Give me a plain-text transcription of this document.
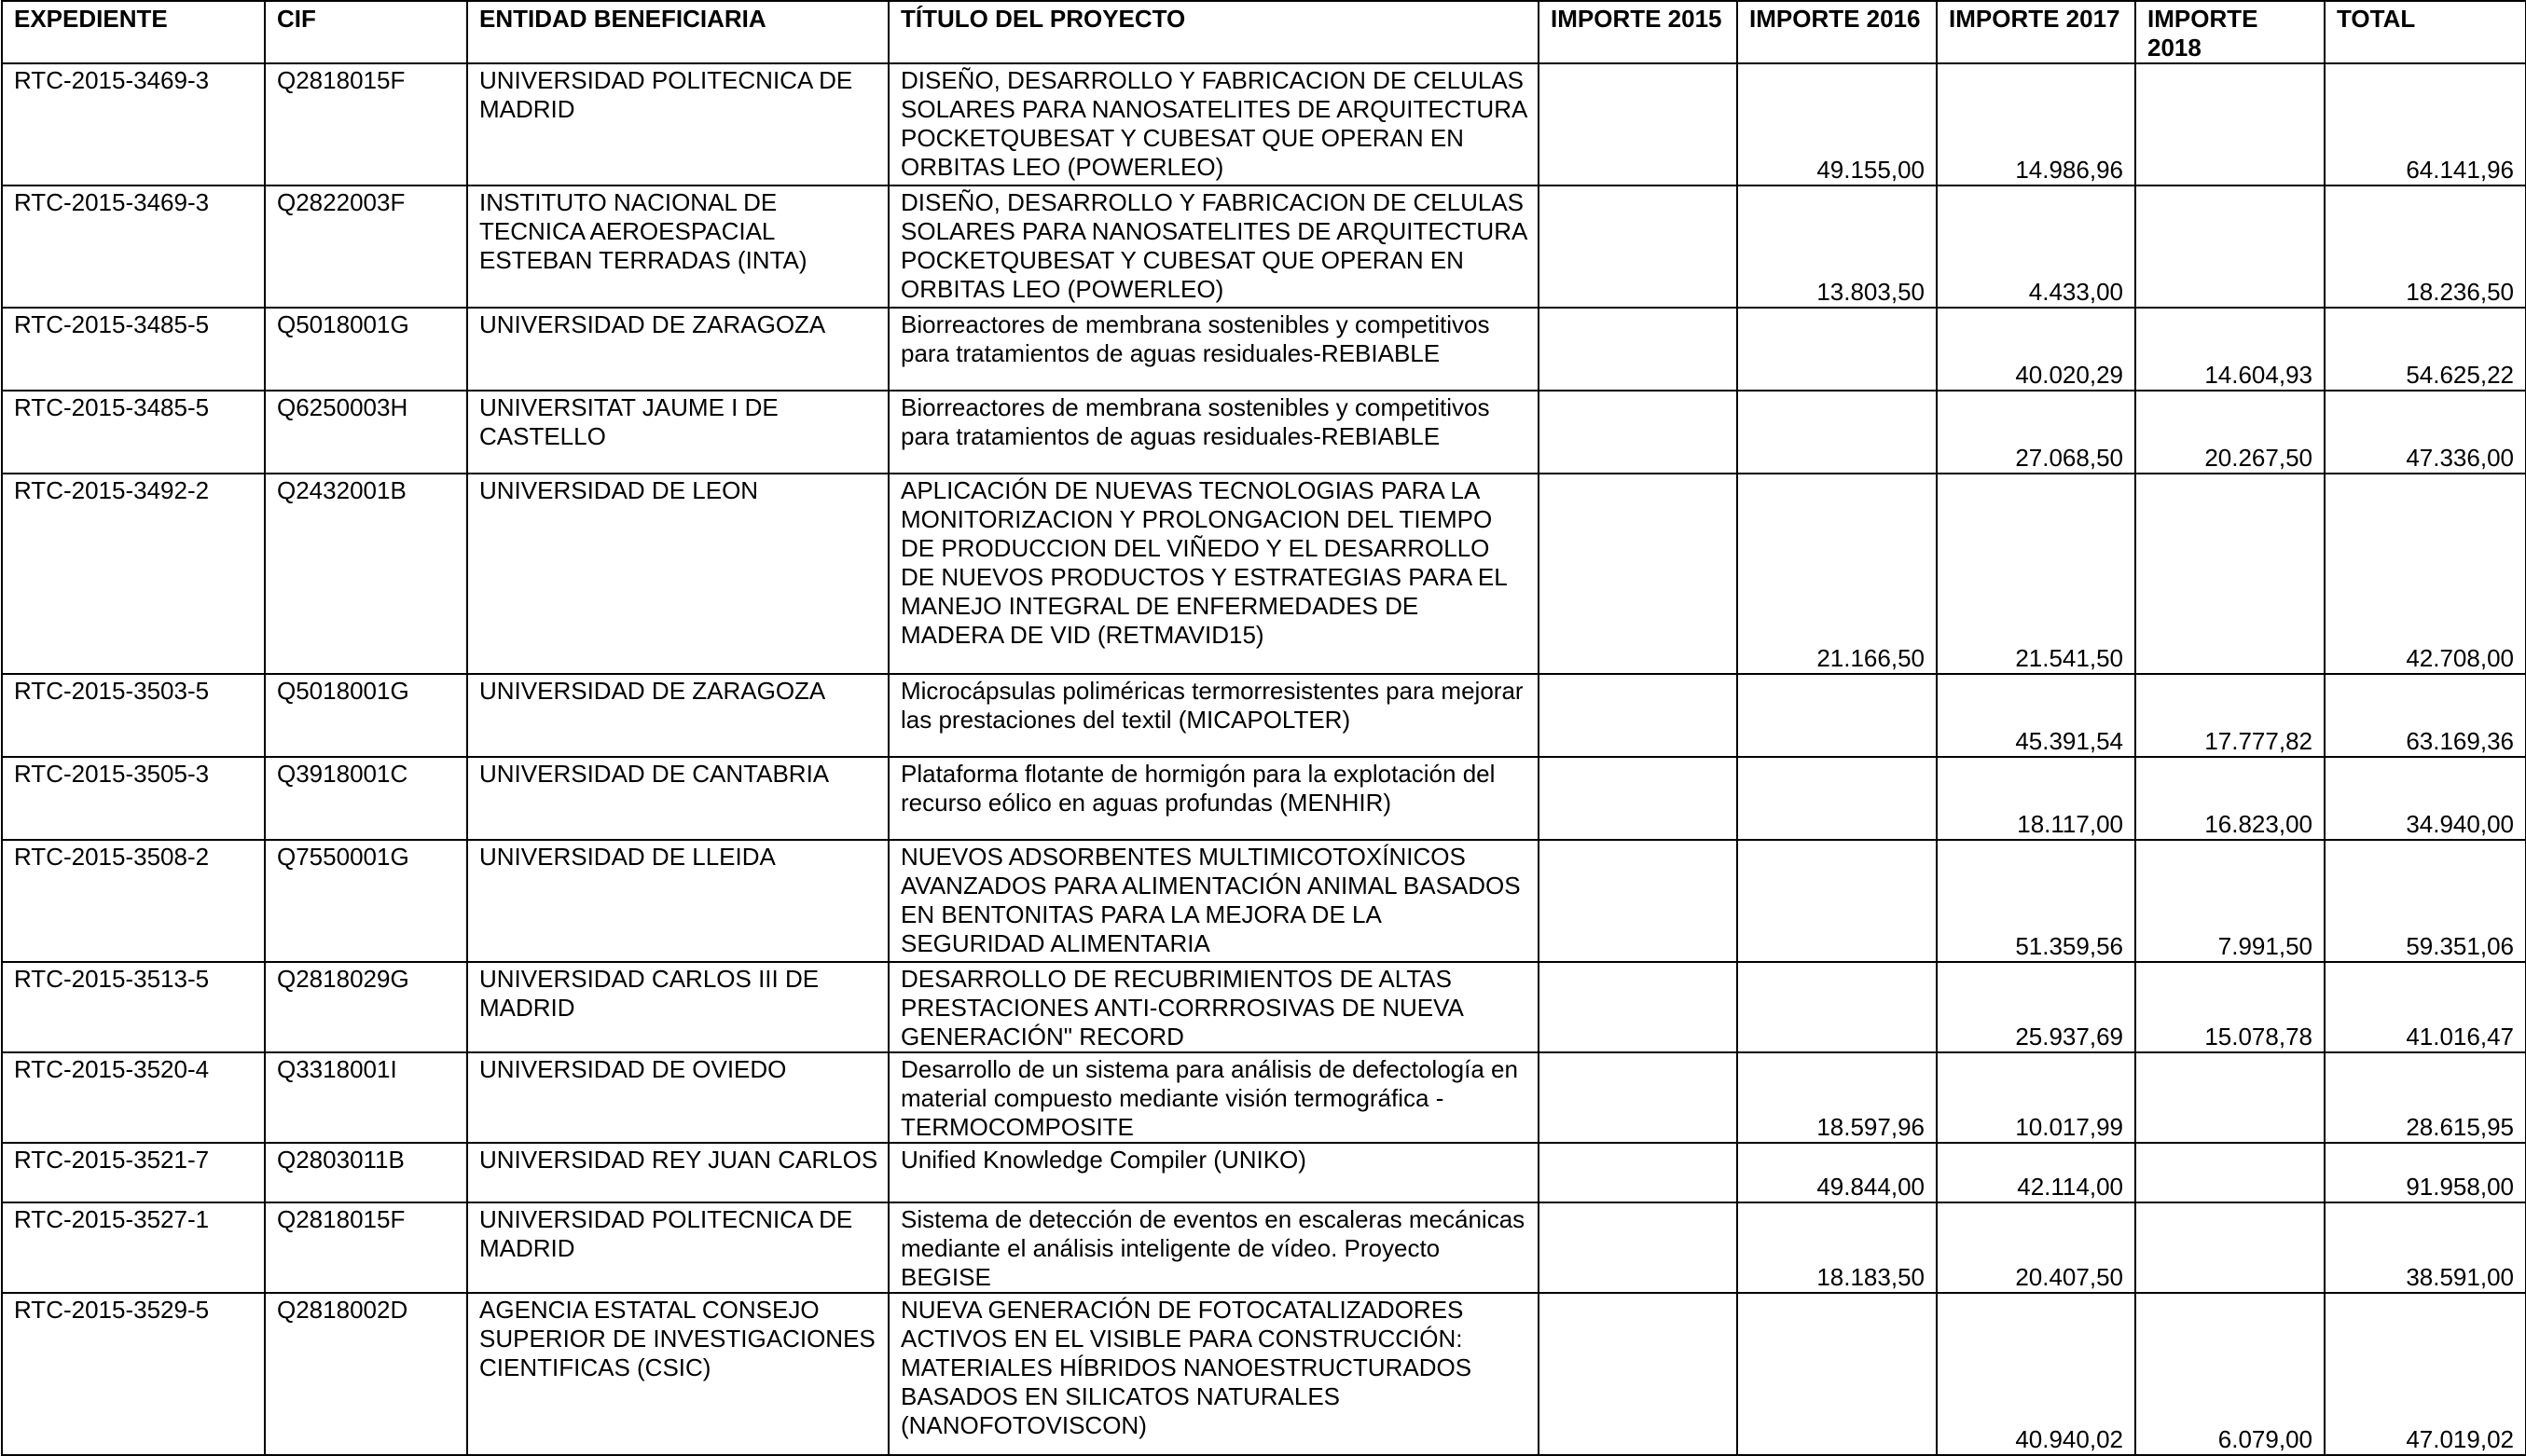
EXPEDIENTE	CIF	ENTIDAD BENEFICIARIA	TÍTULO DEL PROYECTO	IMPORTE 2015	IMPORTE 2016	IMPORTE 2017	IMPORTE 2018	TOTAL
RTC-2015-3469-3	Q2818015F	UNIVERSIDAD POLITECNICA DE MADRID	DISEÑO, DESARROLLO Y FABRICACION DE CELULAS SOLARES PARA NANOSATELITES DE ARQUITECTURA POCKETQUBESAT Y CUBESAT QUE OPERAN EN ORBITAS LEO (POWERLEO)		49.155,00	14.986,96		64.141,96
RTC-2015-3469-3	Q2822003F	INSTITUTO NACIONAL DE TECNICA AEROESPACIAL ESTEBAN TERRADAS (INTA)	DISEÑO, DESARROLLO Y FABRICACION DE CELULAS SOLARES PARA NANOSATELITES DE ARQUITECTURA POCKETQUBESAT Y CUBESAT QUE OPERAN EN ORBITAS LEO (POWERLEO)		13.803,50	4.433,00		18.236,50
RTC-2015-3485-5	Q5018001G	UNIVERSIDAD DE ZARAGOZA	Biorreactores de membrana sostenibles y competitivos para tratamientos de aguas residuales-REBIABLE			40.020,29	14.604,93	54.625,22
RTC-2015-3485-5	Q6250003H	UNIVERSITAT JAUME I DE CASTELLO	Biorreactores de membrana sostenibles y competitivos para tratamientos de aguas residuales-REBIABLE			27.068,50	20.267,50	47.336,00
RTC-2015-3492-2	Q2432001B	UNIVERSIDAD DE LEON	APLICACIÓN DE NUEVAS TECNOLOGIAS PARA LA MONITORIZACION Y PROLONGACION DEL TIEMPO DE PRODUCCION DEL VIÑEDO Y EL DESARROLLO DE NUEVOS PRODUCTOS Y ESTRATEGIAS PARA EL MANEJO INTEGRAL DE ENFERMEDADES DE MADERA DE VID (RETMAVID15)		21.166,50	21.541,50		42.708,00
RTC-2015-3503-5	Q5018001G	UNIVERSIDAD DE ZARAGOZA	Microcápsulas poliméricas termorresistentes para mejorar las prestaciones del textil (MICAPOLTER)			45.391,54	17.777,82	63.169,36
RTC-2015-3505-3	Q3918001C	UNIVERSIDAD DE CANTABRIA	Plataforma flotante de hormigón para la explotación del recurso eólico en aguas profundas (MENHIR)			18.117,00	16.823,00	34.940,00
RTC-2015-3508-2	Q7550001G	UNIVERSIDAD DE LLEIDA	NUEVOS ADSORBENTES MULTIMICOTOXÍNICOS AVANZADOS PARA ALIMENTACIÓN ANIMAL BASADOS EN BENTONITAS PARA LA MEJORA DE LA SEGURIDAD ALIMENTARIA			51.359,56	7.991,50	59.351,06
RTC-2015-3513-5	Q2818029G	UNIVERSIDAD CARLOS III DE MADRID	DESARROLLO DE RECUBRIMIENTOS DE ALTAS PRESTACIONES ANTI-CORRROSIVAS DE NUEVA GENERACIÓN" RECORD			25.937,69	15.078,78	41.016,47
RTC-2015-3520-4	Q3318001I	UNIVERSIDAD DE OVIEDO	Desarrollo de un sistema para análisis de defectología en material compuesto mediante visión termográfica - TERMOCOMPOSITE		18.597,96	10.017,99		28.615,95
RTC-2015-3521-7	Q2803011B	UNIVERSIDAD REY JUAN CARLOS	Unified Knowledge Compiler (UNIKO)		49.844,00	42.114,00		91.958,00
RTC-2015-3527-1	Q2818015F	UNIVERSIDAD POLITECNICA DE MADRID	Sistema de detección de eventos en escaleras mecánicas mediante el análisis inteligente de vídeo. Proyecto BEGISE		18.183,50	20.407,50		38.591,00
RTC-2015-3529-5	Q2818002D	AGENCIA ESTATAL CONSEJO SUPERIOR DE INVESTIGACIONES CIENTIFICAS (CSIC)	NUEVA GENERACIÓN DE FOTOCATALIZADORES ACTIVOS EN EL VISIBLE PARA CONSTRUCCIÓN: MATERIALES HÍBRIDOS NANOESTRUCTURADOS BASADOS EN SILICATOS NATURALES (NANOFOTOVISCON)			40.940,02	6.079,00	47.019,02
